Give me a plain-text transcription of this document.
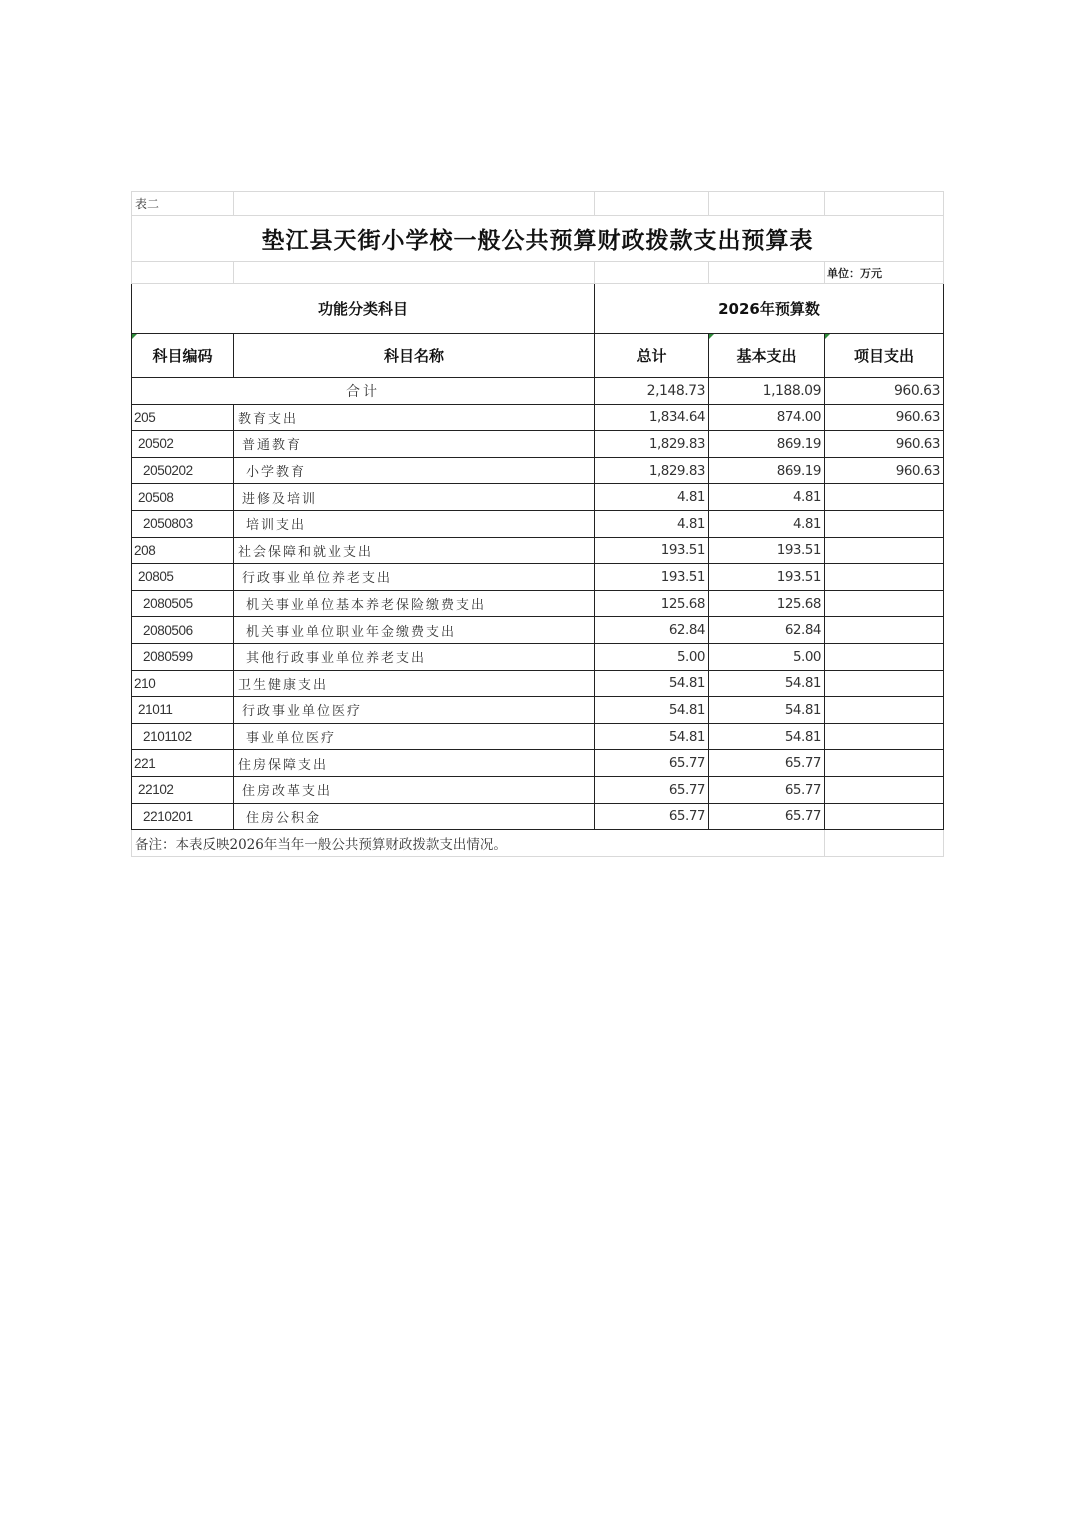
表二				
垫江县天街小学校一般公共预算财政拨款支出预算表				
				单位：万元
功能分类科目		2026年预算数		
科目编码	科目名称	总计	基本支出	项目支出
合计		2,148.73	1,188.09	960.63
205	教育支出	1,834.64	874.00	960.63
20502	普通教育	1,829.83	869.19	960.63
2050202	小学教育	1,829.83	869.19	960.63
20508	进修及培训	4.81	4.81	
2050803	培训支出	4.81	4.81	
208	社会保障和就业支出	193.51	193.51	
20805	行政事业单位养老支出	193.51	193.51	
2080505	机关事业单位基本养老保险缴费支出	125.68	125.68	
2080506	机关事业单位职业年金缴费支出	62.84	62.84	
2080599	其他行政事业单位养老支出	5.00	5.00	
210	卫生健康支出	54.81	54.81	
21011	行政事业单位医疗	54.81	54.81	
2101102	事业单位医疗	54.81	54.81	
221	住房保障支出	65.77	65.77	
22102	住房改革支出	65.77	65.77	
2210201	住房公积金	65.77	65.77	
备注：本表反映2026年当年一般公共预算财政拨款支出情况。				
